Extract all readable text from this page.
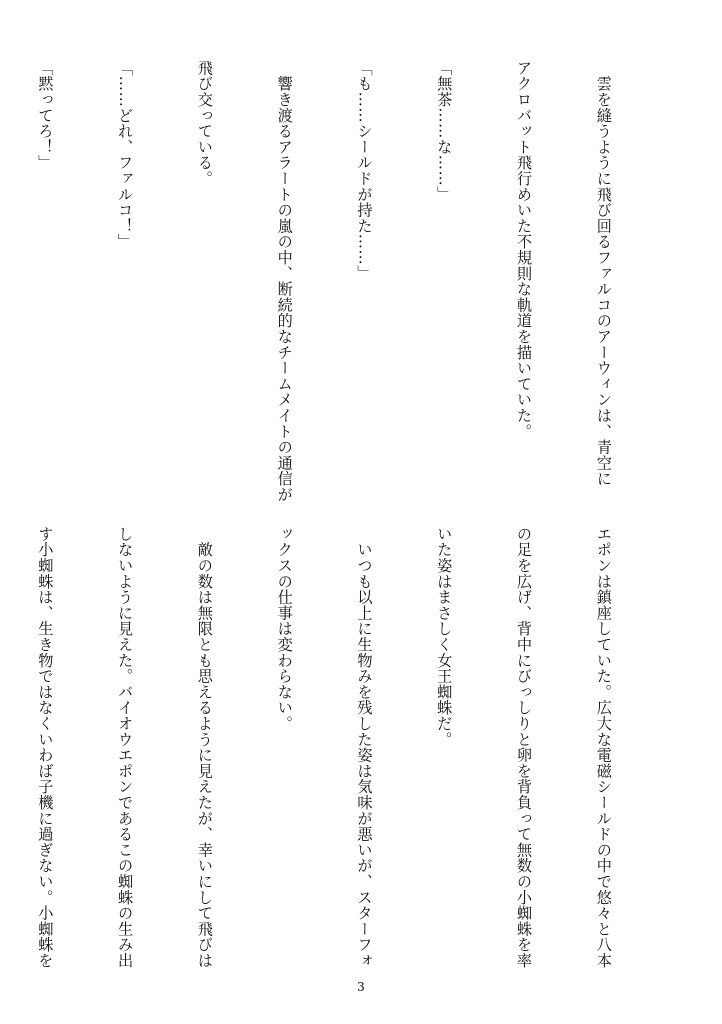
　雲を縫うように飛び回るファルコのアーウィンは、青空に

アクロバット飛行めいた不規則な軌道を描いていた。

「無茶……な……」

「も……シールドが持た……」

　響き渡るアラートの嵐の中、断続的なチームメイトの通信が

飛び交っている。

「……どれ、ファルコ！」

「黙ってろ！」

エポンは鎮座していた。広大な電磁シールドの中で悠々と八本

の足を広げ、背中にびっしりと卵を背負って無数の小蜘蛛を率

いた姿はまさしく女王蜘蛛だ。

　いつも以上に生物みを残した姿は気味が悪いが、スターフォ

ックスの仕事は変わらない。

　敵の数は無限とも思えるように見えたが、幸いにして飛びは

しないように見えた。バイオウエポンであるこの蜘蛛の生み出

す小蜘蛛は、生き物ではなくいわば子機に過ぎない。小蜘蛛を

3
